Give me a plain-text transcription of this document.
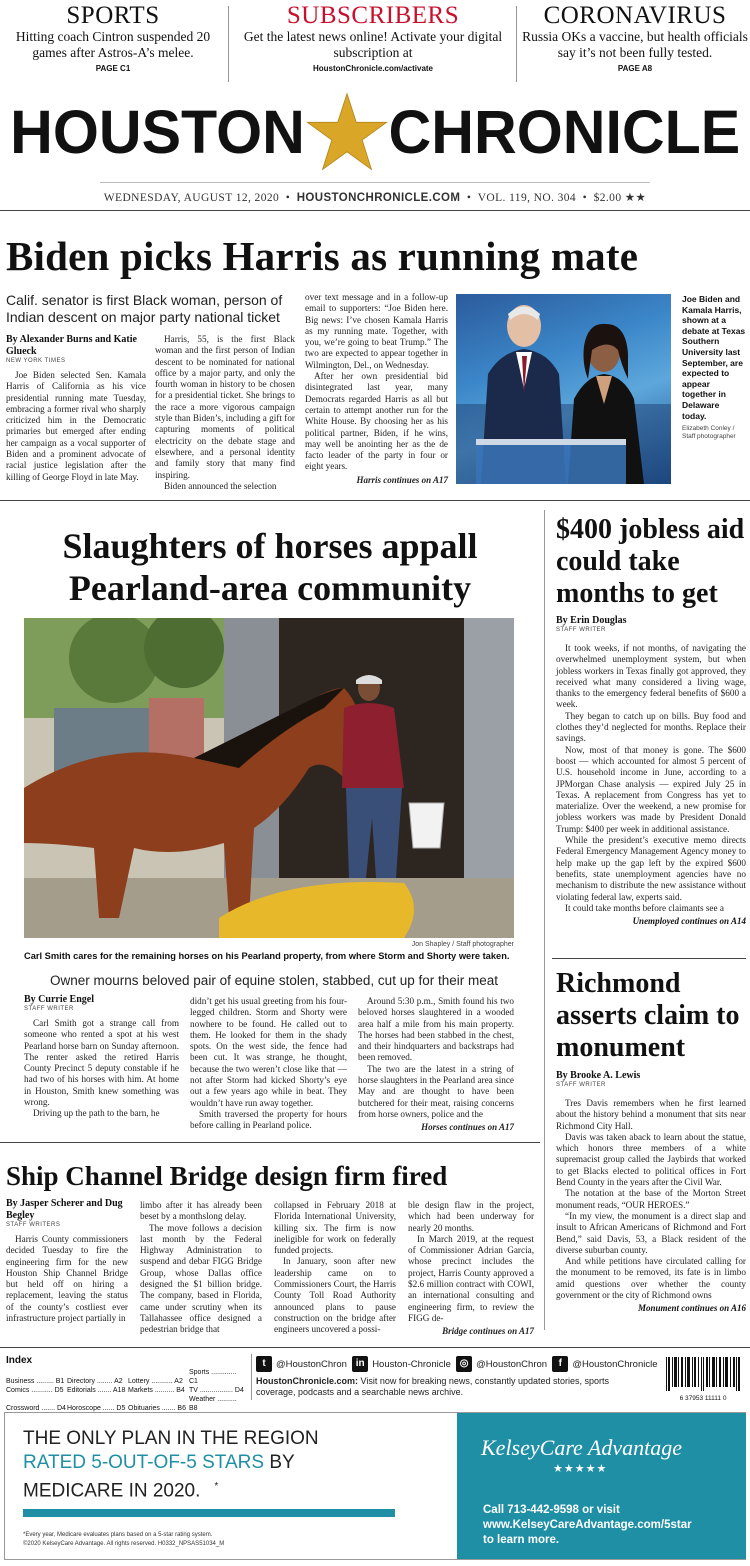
SPORTS
Hitting coach Cintron suspended 20 games after Astros-A’s melee.
PAGE C1
SUBSCRIBERS
Get the latest news online! Activate your digital subscription at
HoustonChronicle.com/activate
CORONAVIRUS
Russia OKs a vaccine, but health officials say it’s not been fully tested.
PAGE A8
HOUSTON CHRONICLE
WEDNESDAY, AUGUST 12, 2020  •  HOUSTONCHRONICLE.COM  •  VOL. 119, NO. 304  •  $2.00 ★★
Biden picks Harris as running mate
Calif. senator is first Black woman, person of Indian descent on major party national ticket
By Alexander Burns and Katie Glueck
NEW YORK TIMES

Joe Biden selected Sen. Kamala Harris of California as his vice presidential running mate Tuesday, embracing a former rival who sharply criticized him in the Democratic primaries but emerged after ending her campaign as a vocal supporter of Biden and a prominent advocate of racial justice legislation after the killing of George Floyd in late May.

Harris, 55, is the first Black woman and the first person of Indian descent to be nominated for national office by a major party, and only the fourth woman in history to be chosen for a presidential ticket. She brings to the race a more vigorous campaign style than Biden’s, including a gift for capturing moments of political electricity on the debate stage and elsewhere, and a personal identity and family story that many find inspiring.

Biden announced the selection

over text message and in a follow-up email to supporters: “Joe Biden here. Big news: I’ve chosen Kamala Harris as my running mate. Together, with you, we’re going to beat Trump.” The two are expected to appear together in Wilmington, Del., on Wednesday.

After her own presidential bid disintegrated last year, many Democrats regarded Harris as all but certain to attempt another run for the White House. By choosing her as his political partner, Biden, if he wins, may well be anointing her as the de facto leader of the party in four or eight years.

Harris continues on A17
Joe Biden and Kamala Harris, shown at a debate at Texas Southern University last September, are expected to appear together in Delaware today.
Elizabeth Conley / Staff photographer
Slaughters of horses appall Pearland-area community
Jon Shapley / Staff photographer
Carl Smith cares for the remaining horses on his Pearland property, from where Storm and Shorty were taken.
Owner mourns beloved pair of equine stolen, stabbed, cut up for their meat
By Currie Engel
STAFF WRITER

Carl Smith got a strange call from someone who rented a spot at his west Pearland horse barn on Sunday afternoon. The renter asked the retired Harris County Precinct 5 deputy constable if he had two of his horses with him. At home in Houston, Smith knew something was wrong.

Driving up the path to the barn, he

didn’t get his usual greeting from his four-legged children. Storm and Shorty were nowhere to be found. He called out to them. He looked for them in the shady spots. On the west side, the fence had been cut. It was strange, he thought, because the two weren’t close like that — not after Storm had kicked Shorty’s eye out a few years ago while in beat. They wouldn’t have run away together.

Smith traversed the property for hours before calling in Pearland police.

Around 5:30 p.m., Smith found his two beloved horses slaughtered in a wooded area half a mile from his main property. The horses had been stabbed in the chest, and their hindquarters and backstraps had been removed.

The two are the latest in a string of horse slaughters in the Pearland area since May and are thought to have been butchered for their meat, raising concerns from horse owners, police and the

Horses continues on A17
$400 jobless aid could take months to get
By Erin Douglas
STAFF WRITER

It took weeks, if not months, of navigating the overwhelmed unemployment system, but when jobless workers in Texas finally got approved, they received what many considered a living wage, thanks to the emergency federal benefits of $600 a week.

They began to catch up on bills. Buy food and clothes they’d neglected for months. Replace their savings.

Now, most of that money is gone. The $600 boost — which accounted for almost 5 percent of U.S. household income in June, according to a JPMorgan Chase analysis — expired July 25 in Texas. A replacement from Congress has yet to materialize. Over the weekend, a new promise for jobless workers was made by President Donald Trump: $400 per week in additional assistance.

While the president’s executive memo directs Federal Emergency Management Agency money to help make up the gap left by the expired $600 benefits, state unemployment agencies have no mechanism to distribute the new assistance without violating federal law, experts said.

It could take months before claimants see a

Unemployed continues on A14
Richmond asserts claim to monument
By Brooke A. Lewis
STAFF WRITER

Tres Davis remembers when he first learned about the history behind a monument that sits near Richmond City Hall.

Davis was taken aback to learn about the statue, which honors three members of a white supremacist group called the Jaybirds that worked to get Blacks elected to political offices in Fort Bend County in the years after the Civil War.

The notation at the base of the Morton Street monument reads, “OUR HEROES.”

“In my view, the monument is a direct slap and insult to African Americans of Richmond and Fort Bend,” said Davis, 53, a Black resident of the diverse suburban county.

And while petitions have circulated calling for the monument to be removed, its fate is in limbo amid questions over whether the county government or the city of Richmond owns

Monument continues on A16
Ship Channel Bridge design firm fired
By Jasper Scherer and Dug Begley
STAFF WRITERS

Harris County commissioners decided Tuesday to fire the engineering firm for the new Houston Ship Channel Bridge but held off on hiring a replacement, leaving the status of the county’s costliest ever infrastructure project partially in

limbo after it has already been beset by a monthslong delay.

The move follows a decision last month by the Federal Highway Administration to suspend and debar FIGG Bridge Group, whose Dallas office designed the $1 billion bridge. The company, based in Florida, came under scrutiny when its Tallahassee office designed a pedestrian bridge that

collapsed in February 2018 at Florida International University, killing six. The firm is now ineligible for work on federally funded projects.

In January, soon after new leadership came on to Commissioners Court, the Harris County Toll Road Authority announced plans to pause construction on the bridge after engineers uncovered a possi-

ble design flaw in the project, which had been underway for nearly 20 months.

In March 2019, at the request of Commissioner Adrian Garcia, whose precinct includes the project, Harris County approved a $2.6 million contract with COWI, an international consulting and engineering firm, to review the FIGG de-

Bridge continues on A17
Index
Business ......... B1 Directory ........ A2 Lottery ........... A2Sports ............. C1
Comics ........... D5 Editorials ....... A18 Markets .......... B4 TV ................. D4
Crossword ....... D4Horoscope ...... D5 Obituaries ....... B6Weather .......... B8
t @HoustonChron in Houston-Chronicle ◎ @HoustonChron f @HoustonChronicle
HoustonChronicle.com: Visit now for breaking news, constantly updated stories, sports coverage, podcasts and a searchable news archive.
6 37953 11111 0
THE ONLY PLAN IN THE REGION
RATED 5-OUT-OF-5 STARS BY
MEDICARE IN 2020. *
*Every year, Medicare evaluates plans based on a 5-star rating system.
©2020 KelseyCare Advantage. All rights reserved. H0332_NPSAS51034_M
KelseyCare Advantage
★★★★★
Call 713-442-9598 or visit
www.KelseyCareAdvantage.com/5star
to learn more.
